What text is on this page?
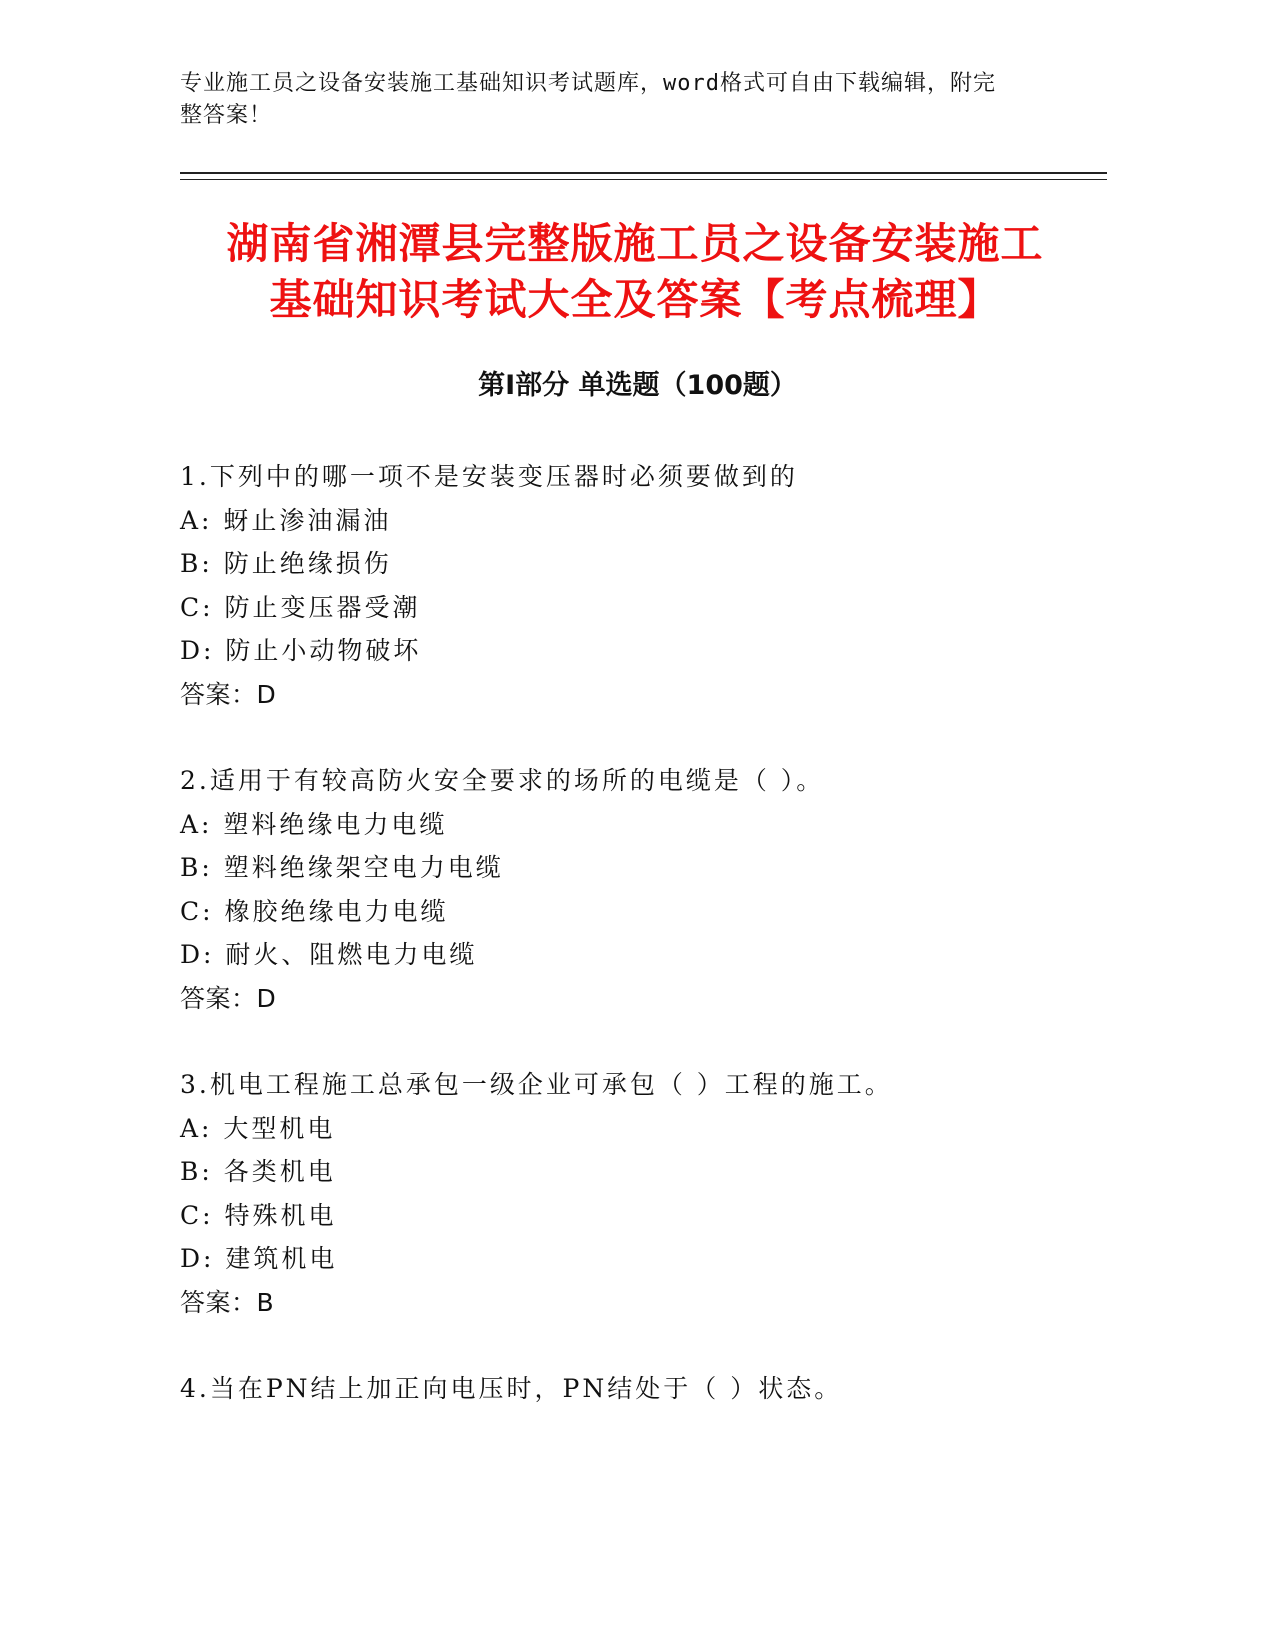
专业施工员之设备安装施工基础知识考试题库，word格式可自由下载编辑，附完
整答案！
湖南省湘潭县完整版施工员之设备安装施工
基础知识考试大全及答案【考点梳理】
第Ⅰ部分 单选题（100题）
1.下列中的哪一项不是安装变压器时必须要做到的
A: 蚜止渗油漏油
B: 防止绝缘损伤
C: 防止变压器受潮
D: 防止小动物破坏
答案：D
2.适用于有较高防火安全要求的场所的电缆是（ ）。
A: 塑料绝缘电力电缆
B: 塑料绝缘架空电力电缆
C: 橡胶绝缘电力电缆
D: 耐火、阻燃电力电缆
答案：D
3.机电工程施工总承包一级企业可承包（ ）工程的施工。
A: 大型机电
B: 各类机电
C: 特殊机电
D: 建筑机电
答案：B
4.当在PN结上加正向电压时，PN结处于（ ）状态。
